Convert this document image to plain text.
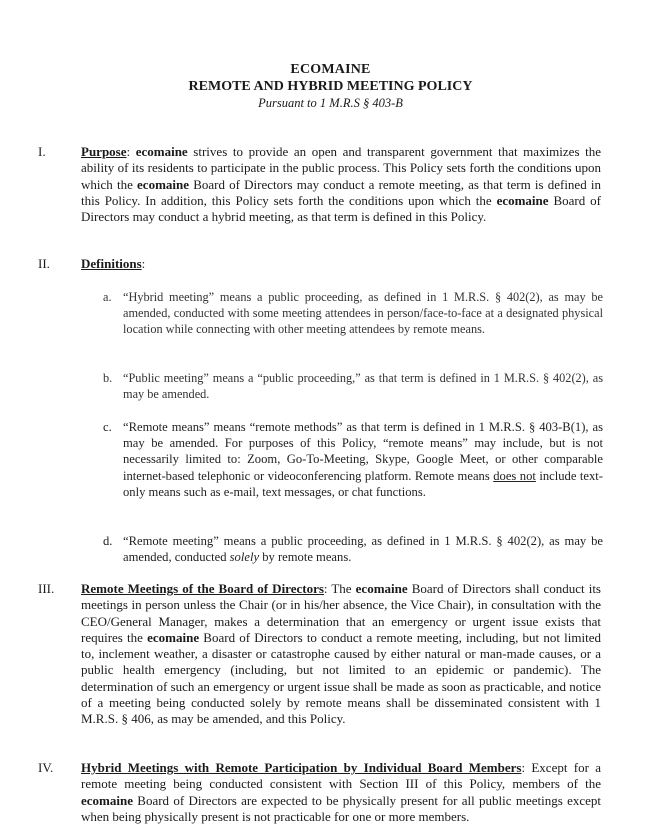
ECOMAINE
REMOTE AND HYBRID MEETING POLICY
Pursuant to 1 M.R.S § 403-B
I.	Purpose: ecomaine strives to provide an open and transparent government that maximizes the ability of its residents to participate in the public process. This Policy sets forth the conditions upon which the ecomaine Board of Directors may conduct a remote meeting, as that term is defined in this Policy. In addition, this Policy sets forth the conditions upon which the ecomaine Board of Directors may conduct a hybrid meeting, as that term is defined in this Policy.
II. Definitions:
a. “Hybrid meeting” means a public proceeding, as defined in 1 M.R.S. § 402(2), as may be amended, conducted with some meeting attendees in person/face-to-face at a designated physical location while connecting with other meeting attendees by remote means.
b. “Public meeting” means a “public proceeding,” as that term is defined in 1 M.R.S. § 402(2), as may be amended.
c. “Remote means” means “remote methods” as that term is defined in 1 M.R.S. § 403-B(1), as may be amended. For purposes of this Policy, “remote means” may include, but is not necessarily limited to: Zoom, Go-To-Meeting, Skype, Google Meet, or other comparable internet-based telephonic or videoconferencing platform. Remote means does not include text-only means such as e-mail, text messages, or chat functions.
d. “Remote meeting” means a public proceeding, as defined in 1 M.R.S. § 402(2), as may be amended, conducted solely by remote means.
III. Remote Meetings of the Board of Directors: The ecomaine Board of Directors shall conduct its meetings in person unless the Chair (or in his/her absence, the Vice Chair), in consultation with the CEO/General Manager, makes a determination that an emergency or urgent issue exists that requires the ecomaine Board of Directors to conduct a remote meeting, including, but not limited to, inclement weather, a disaster or catastrophe caused by either natural or man-made causes, or a public health emergency (including, but not limited to an epidemic or pandemic). The determination of such an emergency or urgent issue shall be made as soon as practicable, and notice of a meeting being conducted solely by remote means shall be disseminated consistent with 1 M.R.S. § 406, as may be amended, and this Policy.
IV. Hybrid Meetings with Remote Participation by Individual Board Members: Except for a remote meeting being conducted consistent with Section III of this Policy, members of the ecomaine Board of Directors are expected to be physically present for all public meetings except when being physically present is not practicable for one or more members.
